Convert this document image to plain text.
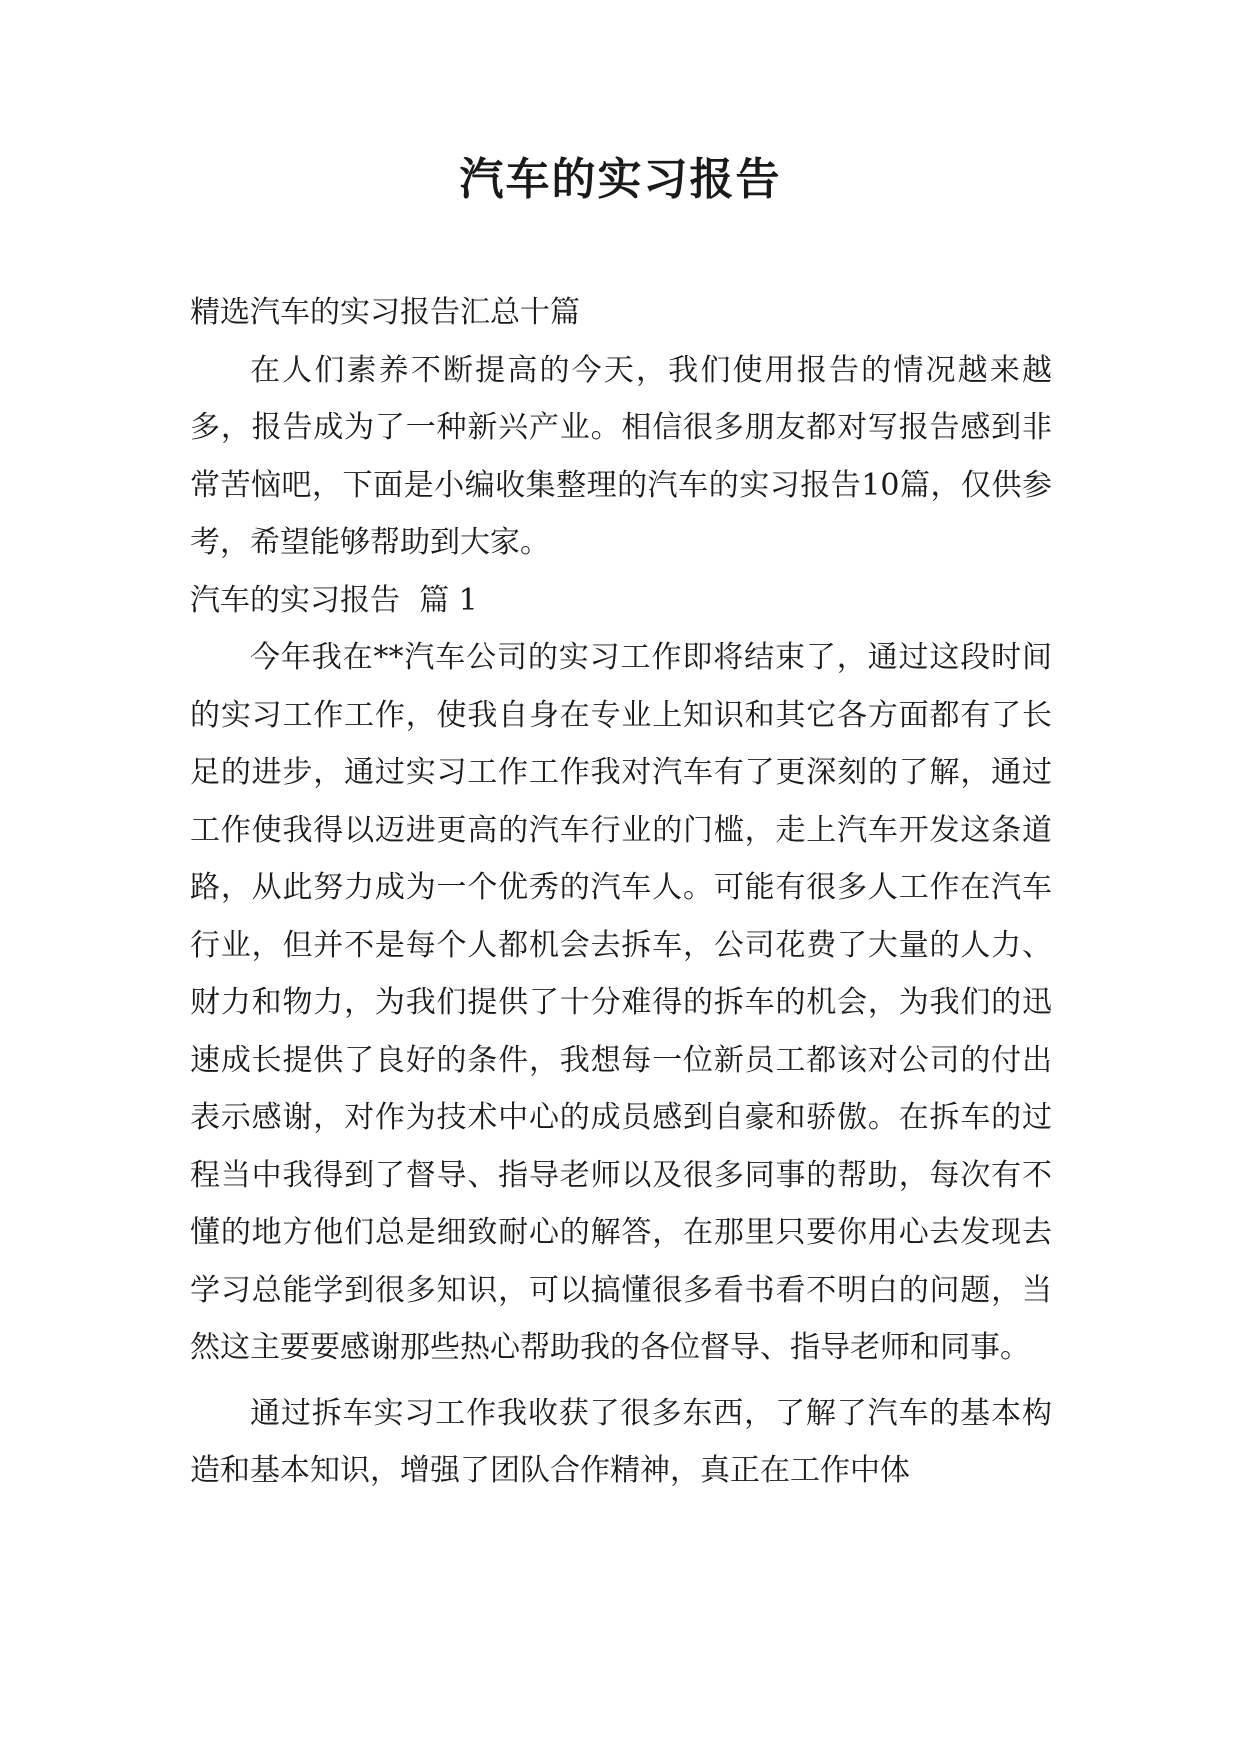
汽车的实习报告

精选汽车的实习报告汇总十篇

在人们素养不断提高的今天，我们使用报告的情况越来越多，报告成为了一种新兴产业。相信很多朋友都对写报告感到非常苦恼吧，下面是小编收集整理的汽车的实习报告10篇，仅供参考，希望能够帮助到大家。

汽车的实习报告  篇 1

今年我在**汽车公司的实习工作即将结束了，通过这段时间的实习工作工作，使我自身在专业上知识和其它各方面都有了长足的进步，通过实习工作工作我对汽车有了更深刻的了解，通过工作使我得以迈进更高的汽车行业的门槛，走上汽车开发这条道路，从此努力成为一个优秀的汽车人。可能有很多人工作在汽车行业，但并不是每个人都机会去拆车，公司花费了大量的人力、财力和物力，为我们提供了十分难得的拆车的机会，为我们的迅速成长提供了良好的条件，我想每一位新员工都该对公司的付出表示感谢，对作为技术中心的成员感到自豪和骄傲。在拆车的过程当中我得到了督导、指导老师以及很多同事的帮助，每次有不懂的地方他们总是细致耐心的解答，在那里只要你用心去发现去学习总能学到很多知识，可以搞懂很多看书看不明白的问题，当然这主要要感谢那些热心帮助我的各位督导、指导老师和同事。

通过拆车实习工作我收获了很多东西，了解了汽车的基本构造和基本知识，增强了团队合作精神，真正在工作中体
